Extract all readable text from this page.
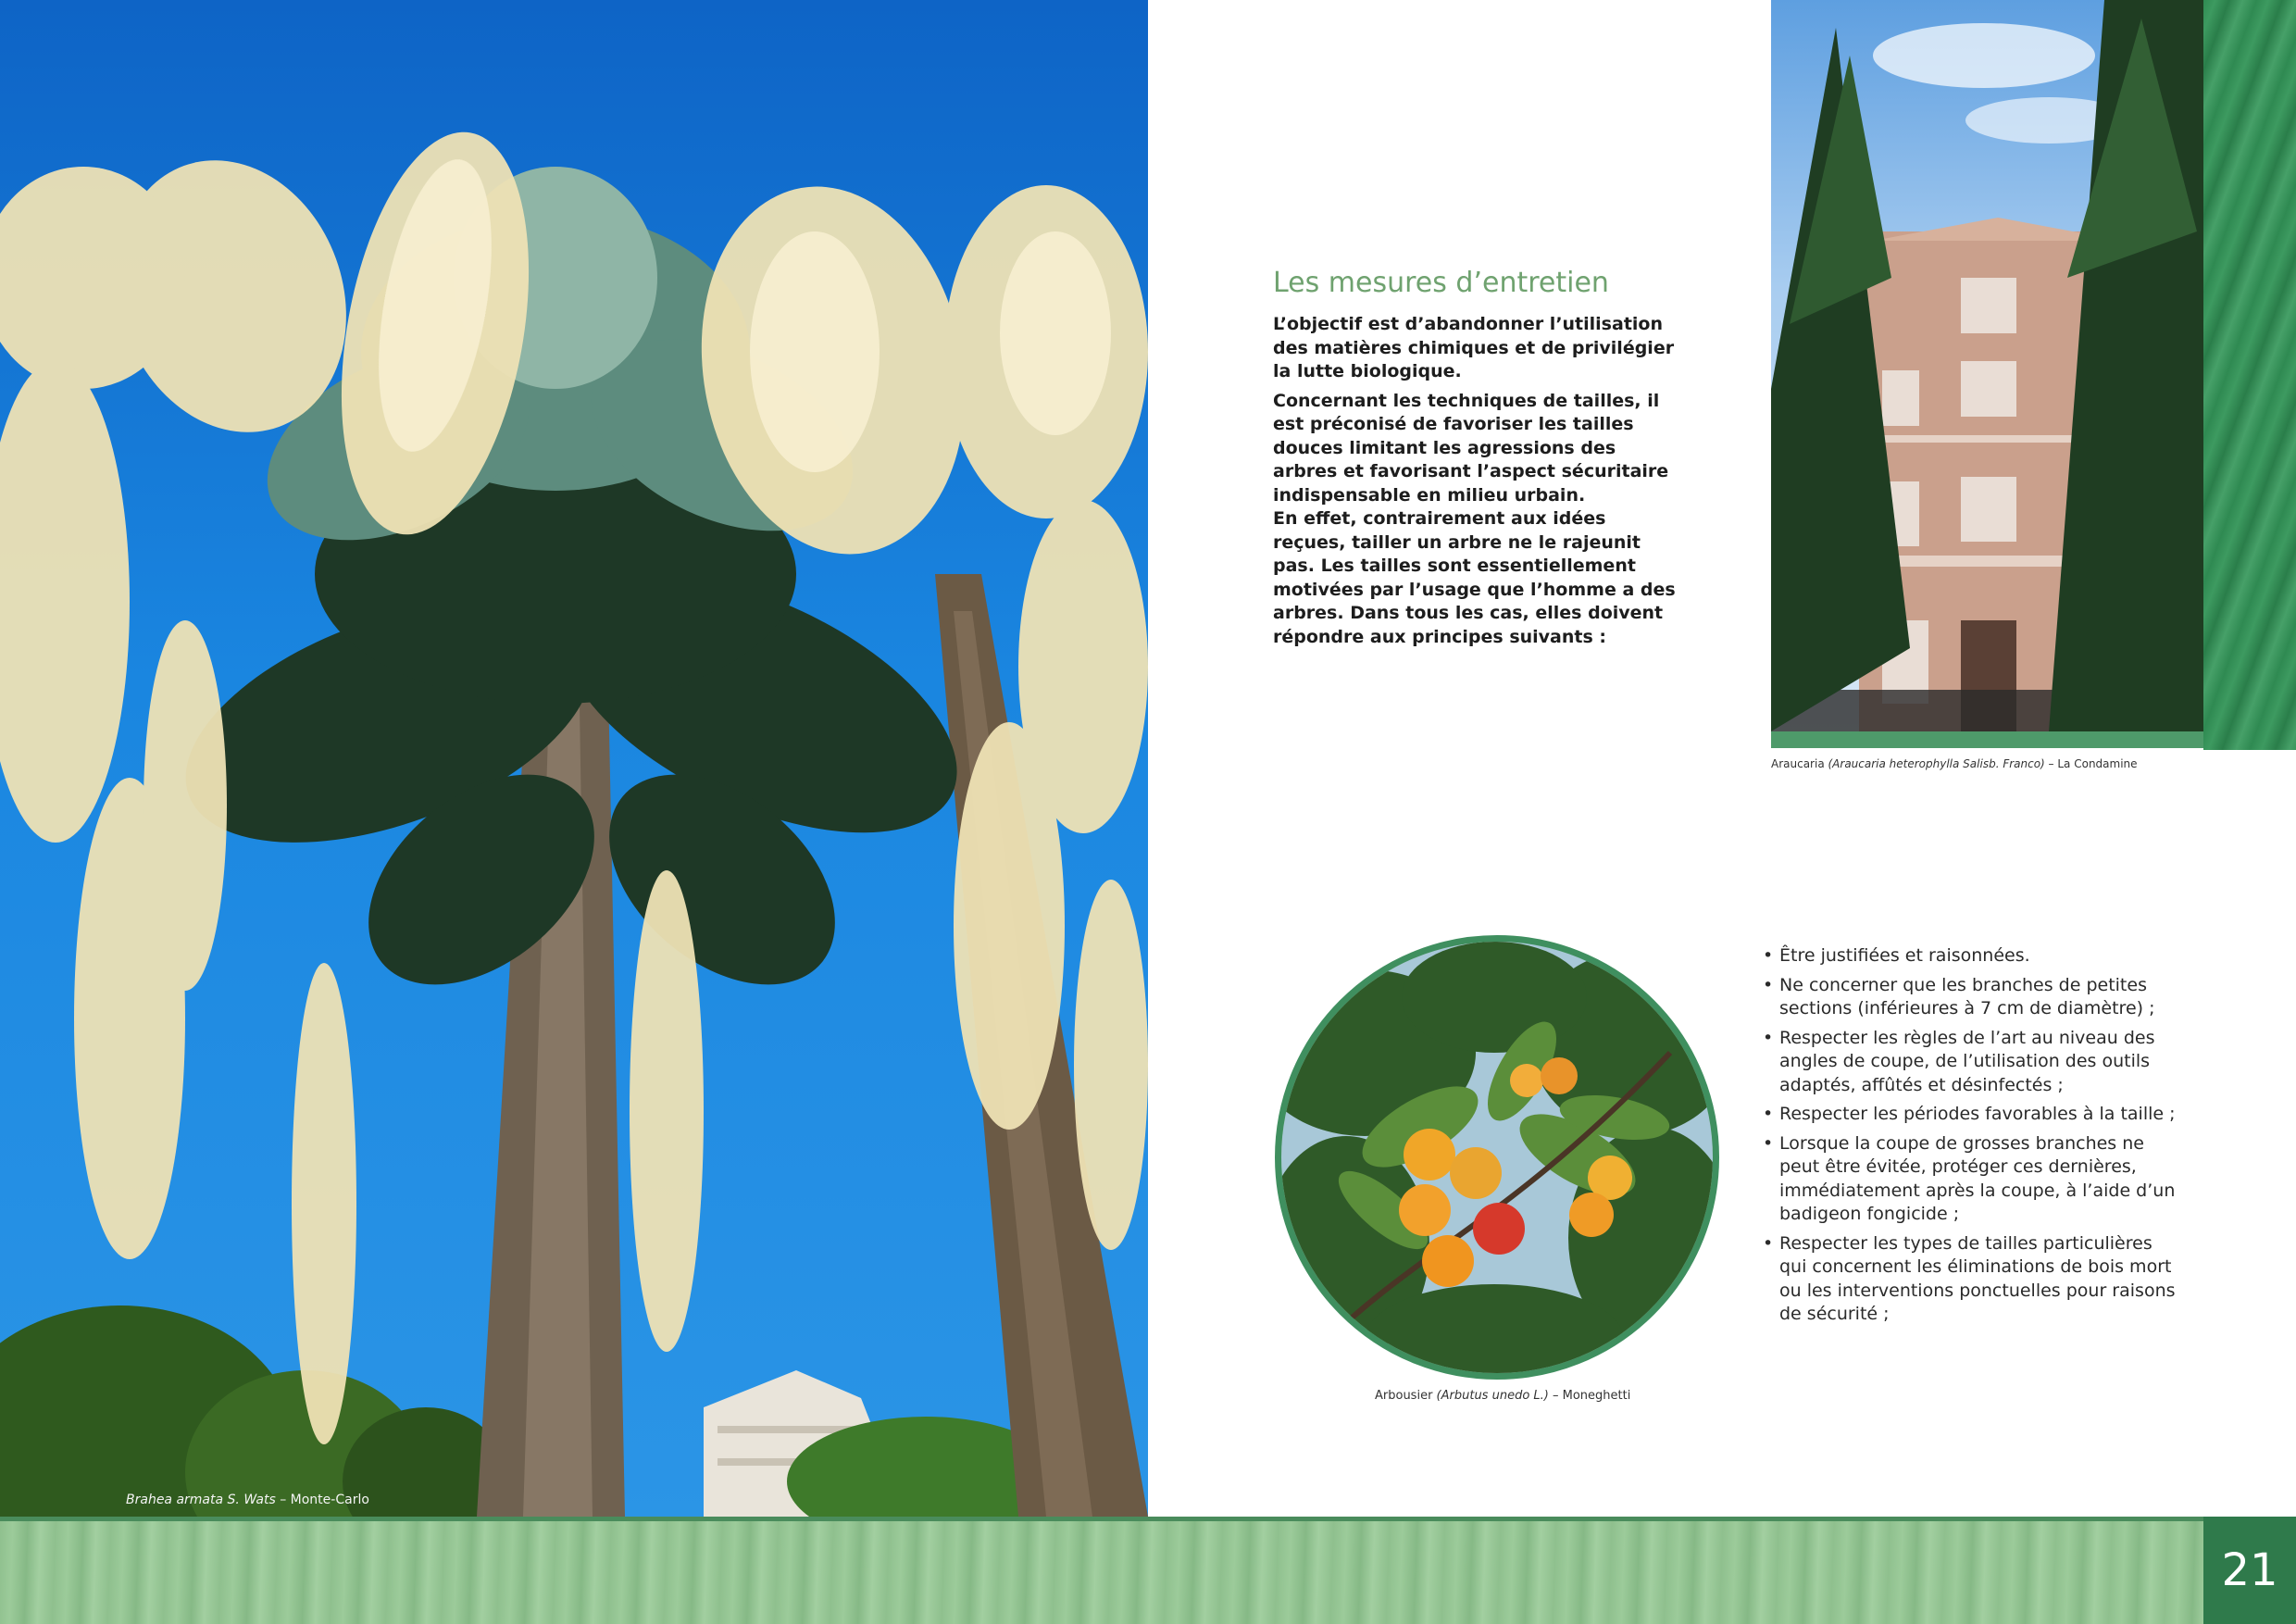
Brahea armata S. Wats – Monte-Carlo
Araucaria (Araucaria heterophylla Salisb. Franco) – La Condamine
Les mesures d’entretien

L’objectif est d’abandonner l’utilisation des matières chimiques et de privilégier la lutte biologique.

Concernant les techniques de tailles, il est préconisé de favoriser les tailles douces limitant les agressions des arbres et favorisant l’aspect sécuritaire indispensable en milieu urbain.

En effet, contrairement aux idées reçues, tailler un arbre ne le rajeunit pas. Les tailles sont essentiellement motivées par l’usage que l’homme a des arbres. Dans tous les cas, elles doivent répondre aux principes suivants :

Arbousier (Arbutus unedo L.) – Moneghetti
• Être justifiées et raisonnées.
• Ne concerner que les branches de petites sections (inférieures à 7 cm de diamètre) ;
• Respecter les règles de l’art au niveau des angles de coupe, de l’utilisation des outils adaptés, affûtés et désinfectés ;
• Respecter les périodes favorables à la taille ;
• Lorsque la coupe de grosses branches ne peut être évitée, protéger ces dernières, immédiatement après la coupe, à l’aide d’un badigeon fongicide ;
• Respecter les types de tailles particulières qui concernent les éliminations de bois mort ou les interventions ponctuelles pour raisons de sécurité ;
21
